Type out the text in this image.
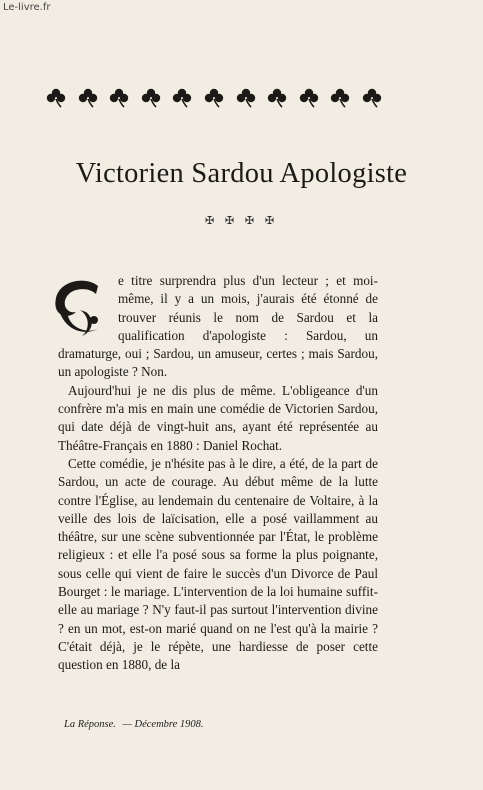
Le-livre.fr
Victorien Sardou Apologiste
✠ ✠ ✠ ✠

e titre surprendra plus d'un lecteur ; et moi-même, il y a un mois, j'aurais été étonné de trouver réunis le nom de Sardou et la qualification d'apologiste : Sardou, un dramaturge, oui ; Sardou, un amuseur, certes ; mais Sardou, un apologiste ? Non.

Aujourd'hui je ne dis plus de même. L'obligeance d'un confrère m'a mis en main une comédie de Victorien Sardou, qui date déjà de vingt-huit ans, ayant été représentée au Théâtre-Français en 1880 : Daniel Rochat.

Cette comédie, je n'hésite pas à le dire, a été, de la part de Sardou, un acte de courage. Au début même de la lutte contre l'Église, au lendemain du centenaire de Voltaire, à la veille des lois de laïcisation, elle a posé vaillamment au théâtre, sur une scène subventionnée par l'État, le problème religieux : et elle l'a posé sous sa forme la plus poignante, sous celle qui vient de faire le succès d'un Divorce de Paul Bourget : le mariage. L'intervention de la loi humaine suffit-elle au mariage ? N'y faut-il pas surtout l'intervention divine ? en un mot, est-on marié quand on ne l'est qu'à la mairie ? C'était déjà, je le répète, une hardiesse de poser cette question en 1880, de la

La Réponse. — Décembre 1908.
